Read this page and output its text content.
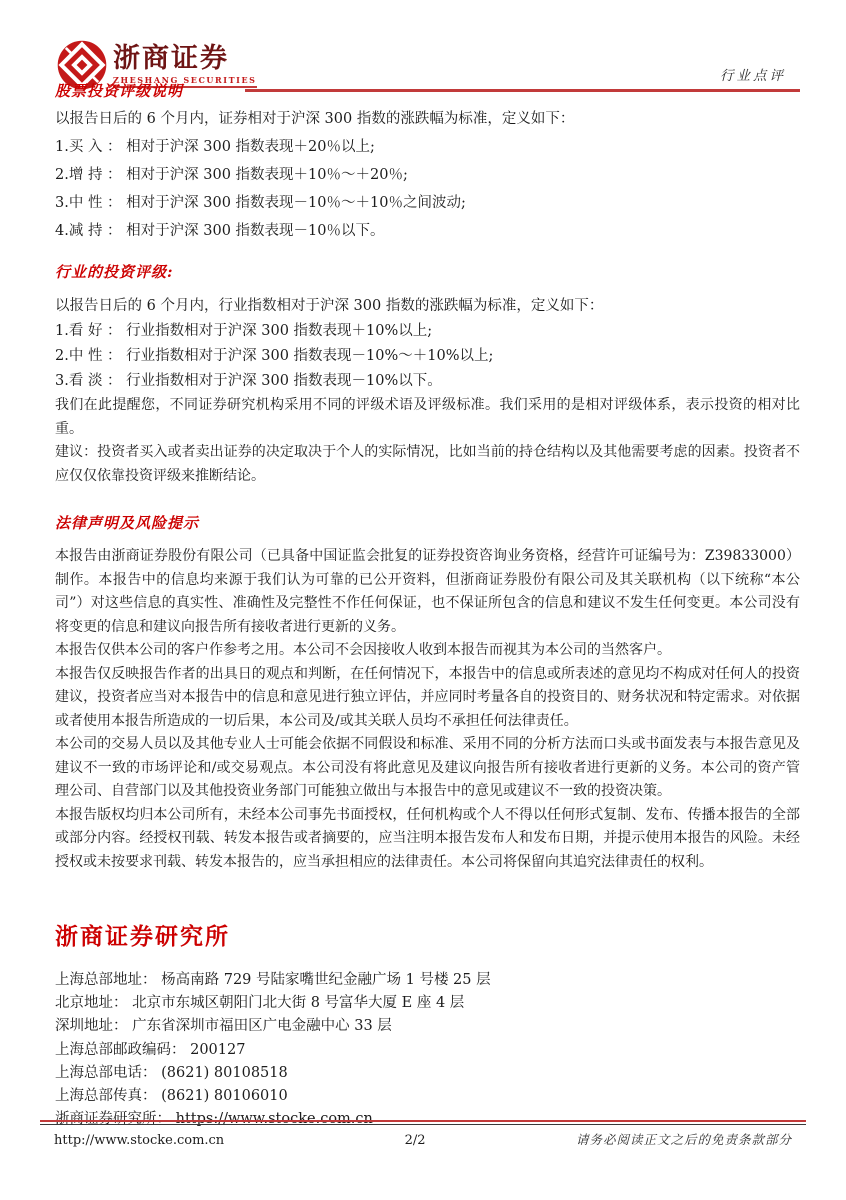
浙商证券
ZHESHANG SECURITIES	行业点评
股票投资评级说明
以报告日后的 6 个月内，证券相对于沪深 300 指数的涨跌幅为标准，定义如下：
1.买 入 ： 相对于沪深 300 指数表现＋20％以上;
2.增 持 ： 相对于沪深 300 指数表现＋10％～＋20％;
3.中 性 ： 相对于沪深 300 指数表现－10％～＋10％之间波动;
4.减 持 ： 相对于沪深 300 指数表现－10％以下。
行业的投资评级:
以报告日后的 6 个月内，行业指数相对于沪深 300 指数的涨跌幅为标准，定义如下：
1.看 好 ： 行业指数相对于沪深 300 指数表现＋10%以上;
2.中 性 ： 行业指数相对于沪深 300 指数表现－10%～＋10%以上;
3.看 淡 ： 行业指数相对于沪深 300 指数表现－10%以下。
我们在此提醒您，不同证券研究机构采用不同的评级术语及评级标准。我们采用的是相对评级体系，表示投资的相对比重。
建议：投资者买入或者卖出证券的决定取决于个人的实际情况，比如当前的持仓结构以及其他需要考虑的因素。投资者不应仅仅依靠投资评级来推断结论。
法律声明及风险提示
本报告由浙商证券股份有限公司（已具备中国证监会批复的证券投资咨询业务资格，经营许可证编号为：Z39833000）制作。本报告中的信息均来源于我们认为可靠的已公开资料，但浙商证券股份有限公司及其关联机构（以下统称“本公司”）对这些信息的真实性、准确性及完整性不作任何保证，也不保证所包含的信息和建议不发生任何变更。本公司没有将变更的信息和建议向报告所有接收者进行更新的义务。
本报告仅供本公司的客户作参考之用。本公司不会因接收人收到本报告而视其为本公司的当然客户。
本报告仅反映报告作者的出具日的观点和判断，在任何情况下，本报告中的信息或所表述的意见均不构成对任何人的投资建议，投资者应当对本报告中的信息和意见进行独立评估，并应同时考量各自的投资目的、财务状况和特定需求。对依据或者使用本报告所造成的一切后果，本公司及/或其关联人员均不承担任何法律责任。
本公司的交易人员以及其他专业人士可能会依据不同假设和标准、采用不同的分析方法而口头或书面发表与本报告意见及建议不一致的市场评论和/或交易观点。本公司没有将此意见及建议向报告所有接收者进行更新的义务。本公司的资产管理公司、自营部门以及其他投资业务部门可能独立做出与本报告中的意见或建议不一致的投资决策。
本报告版权均归本公司所有，未经本公司事先书面授权，任何机构或个人不得以任何形式复制、发布、传播本报告的全部或部分内容。经授权刊载、转发本报告或者摘要的，应当注明本报告发布人和发布日期，并提示使用本报告的风险。未经授权或未按要求刊载、转发本报告的，应当承担相应的法律责任。本公司将保留向其追究法律责任的权利。
浙商证券研究所
上海总部地址： 杨高南路 729 号陆家嘴世纪金融广场 1 号楼 25 层
北京地址： 北京市东城区朝阳门北大街 8 号富华大厦 E 座 4 层
深圳地址： 广东省深圳市福田区广电金融中心 33 层
上海总部邮政编码： 200127
上海总部电话： (8621) 80108518
上海总部传真： (8621) 80106010
http://www.stocke.com.cn	2/2	请务必阅读正文之后的免责条款部分
